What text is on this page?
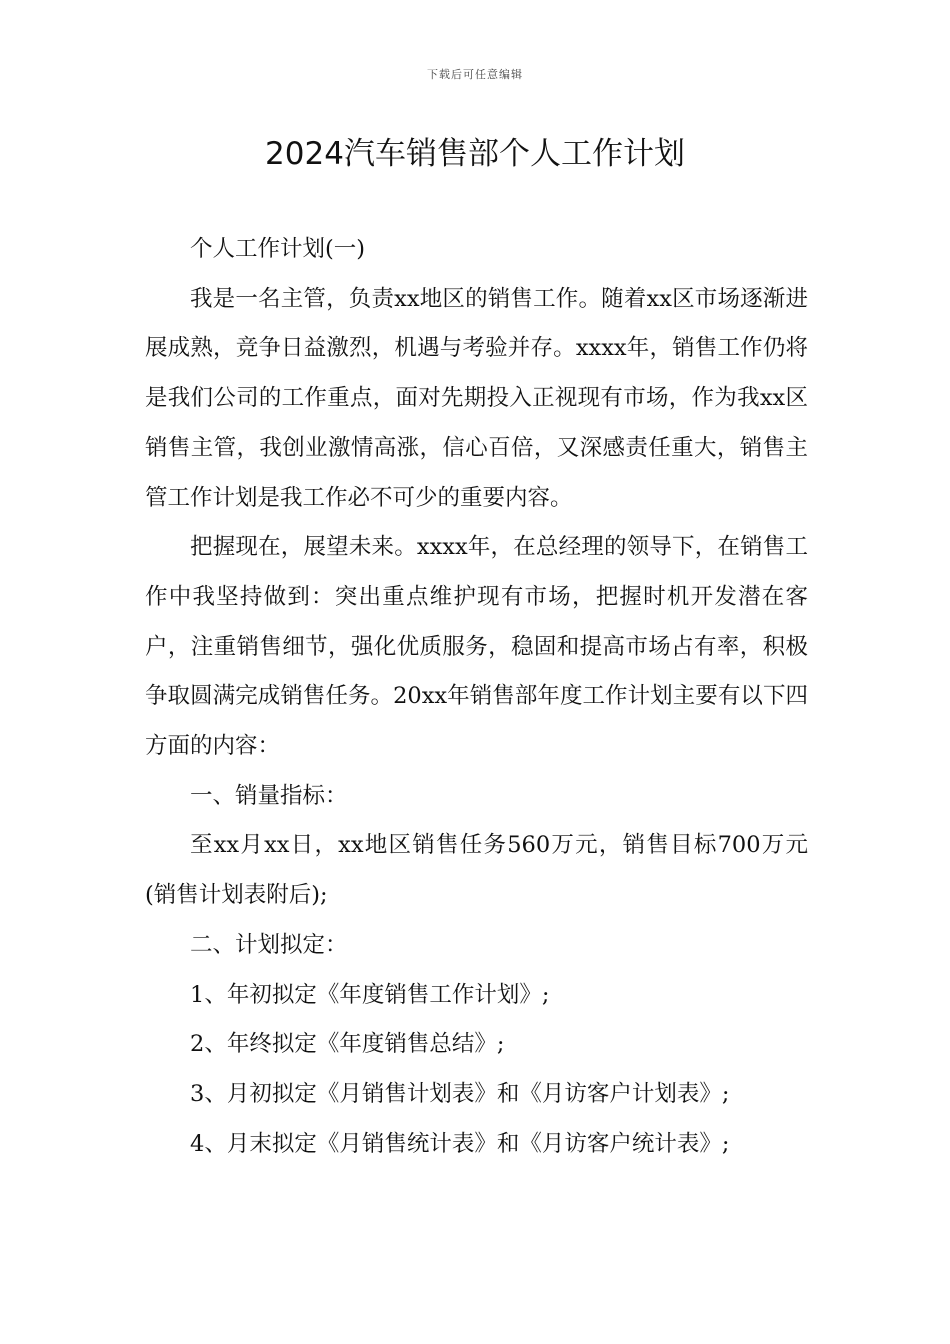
下载后可任意编辑
2024汽车销售部个人工作计划

个人工作计划(一)

我是一名主管，负责xx地区的销售工作。随着xx区市场逐渐进展成熟，竞争日益激烈，机遇与考验并存。xxxx年，销售工作仍将是我们公司的工作重点，面对先期投入正视现有市场，作为我xx区销售主管，我创业激情高涨，信心百倍，又深感责任重大，销售主管工作计划是我工作必不可少的重要内容。

把握现在，展望未来。xxxx年，在总经理的领导下，在销售工作中我坚持做到：突出重点维护现有市场，把握时机开发潜在客户，注重销售细节，强化优质服务，稳固和提高市场占有率，积极争取圆满完成销售任务。20xx年销售部年度工作计划主要有以下四方面的内容：

一、销量指标：

至xx月xx日，xx地区销售任务560万元，销售目标700万元(销售计划表附后);

二、计划拟定：

1、年初拟定《年度销售工作计划》;

2、年终拟定《年度销售总结》;

3、月初拟定《月销售计划表》和《月访客户计划表》;

4、月末拟定《月销售统计表》和《月访客户统计表》;
